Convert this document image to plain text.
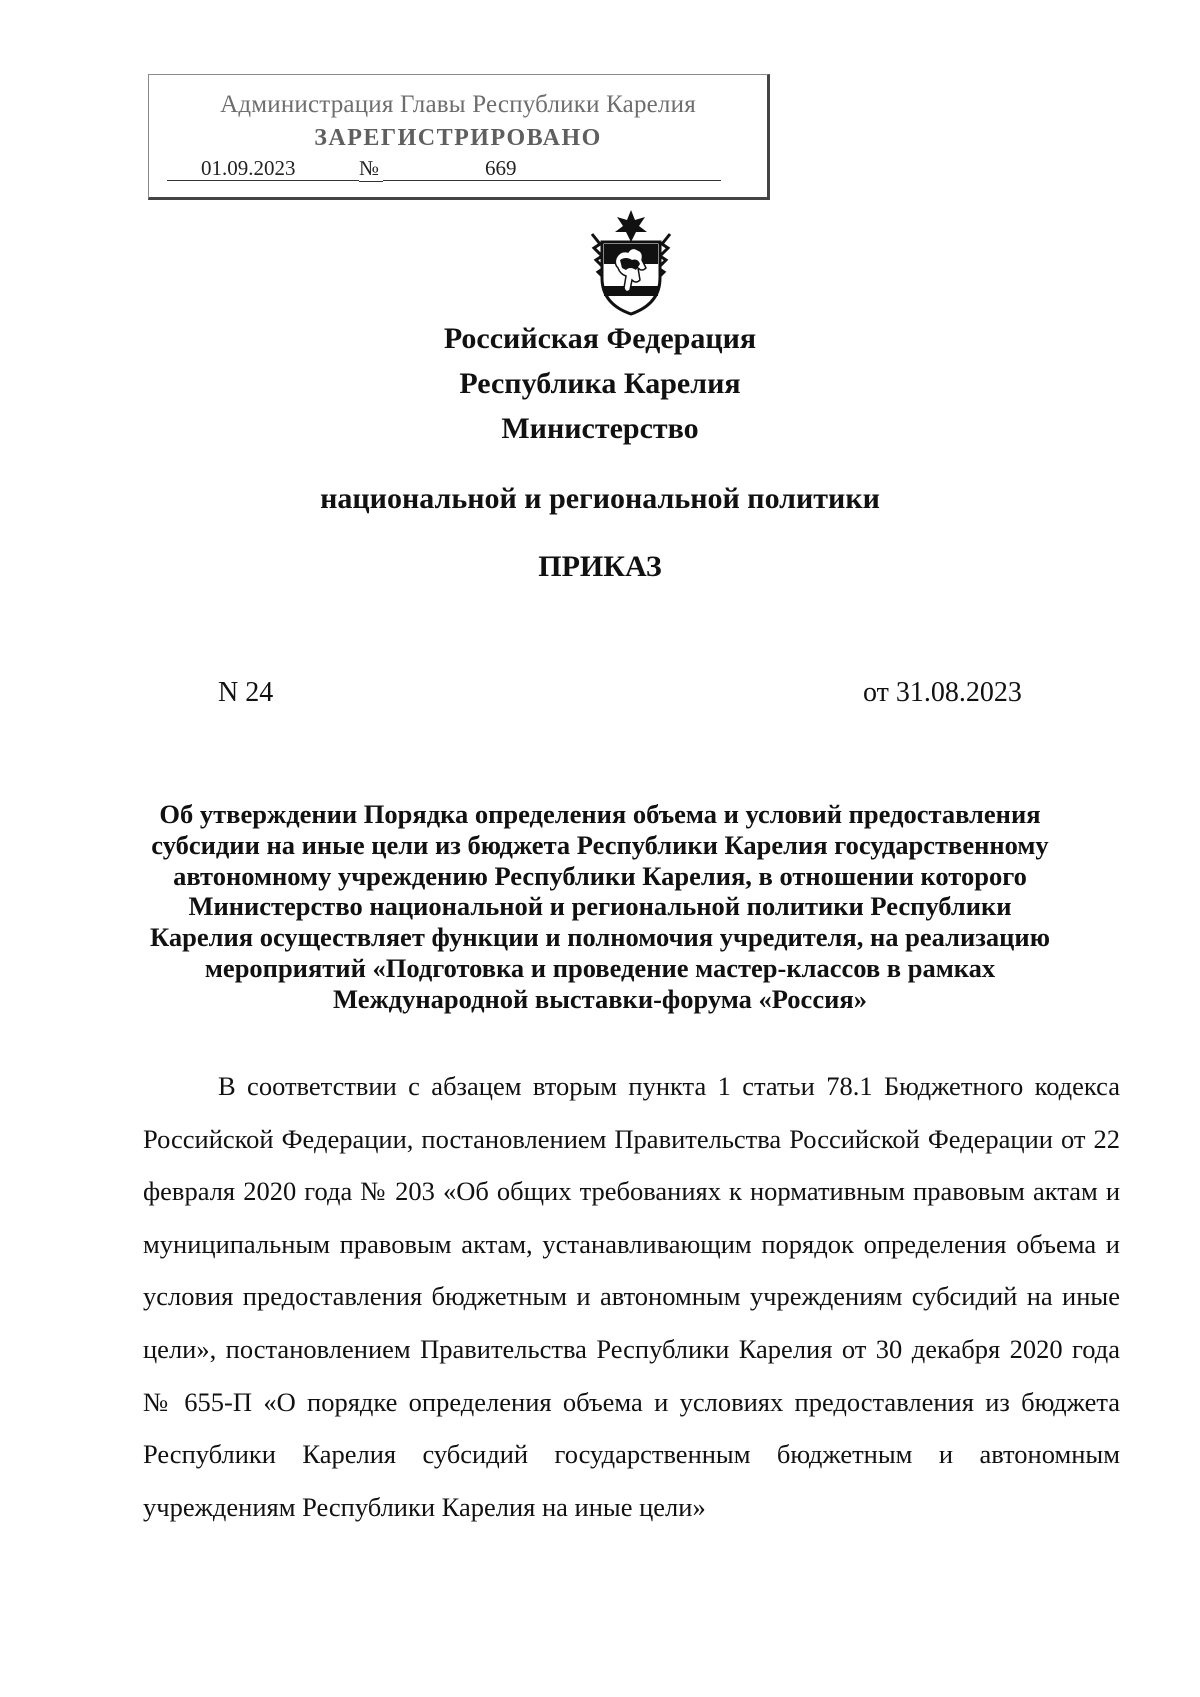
Администрация Главы Республики Карелия
ЗАРЕГИСТРИРОВАНО
01.09.2023	№	669
Российская Федерация
Республика Карелия
Министерство
национальной и региональной политики
ПРИКАЗ
N 24	от 31.08.2023
Об утверждении Порядка определения объема и условий предоставления
субсидии на иные цели из бюджета Республики Карелия государственному
автономному учреждению Республики Карелия, в отношении которого
Министерство национальной и региональной политики Республики
Карелия осуществляет функции и полномочия учредителя, на реализацию
мероприятий «Подготовка и проведение мастер-классов в рамках
Международной выставки-форума «Россия»

В соответствии с абзацем вторым пункта 1 статьи 78.1 Бюджетного кодекса Российской Федерации, постановлением Правительства Российской Федерации от 22 февраля 2020 года № 203 «Об общих требованиях к нормативным правовым актам и муниципальным правовым актам, устанавливающим порядок определения объема и условия предоставления бюджетным и автономным учреждениям субсидий на иные цели», постановлением Правительства Республики Карелия от 30 декабря 2020 года № 655-П «О порядке определения объема и условиях предоставления из бюджета Республики Карелия субсидий государственным бюджетным и автономным учреждениям Республики Карелия на иные цели»
